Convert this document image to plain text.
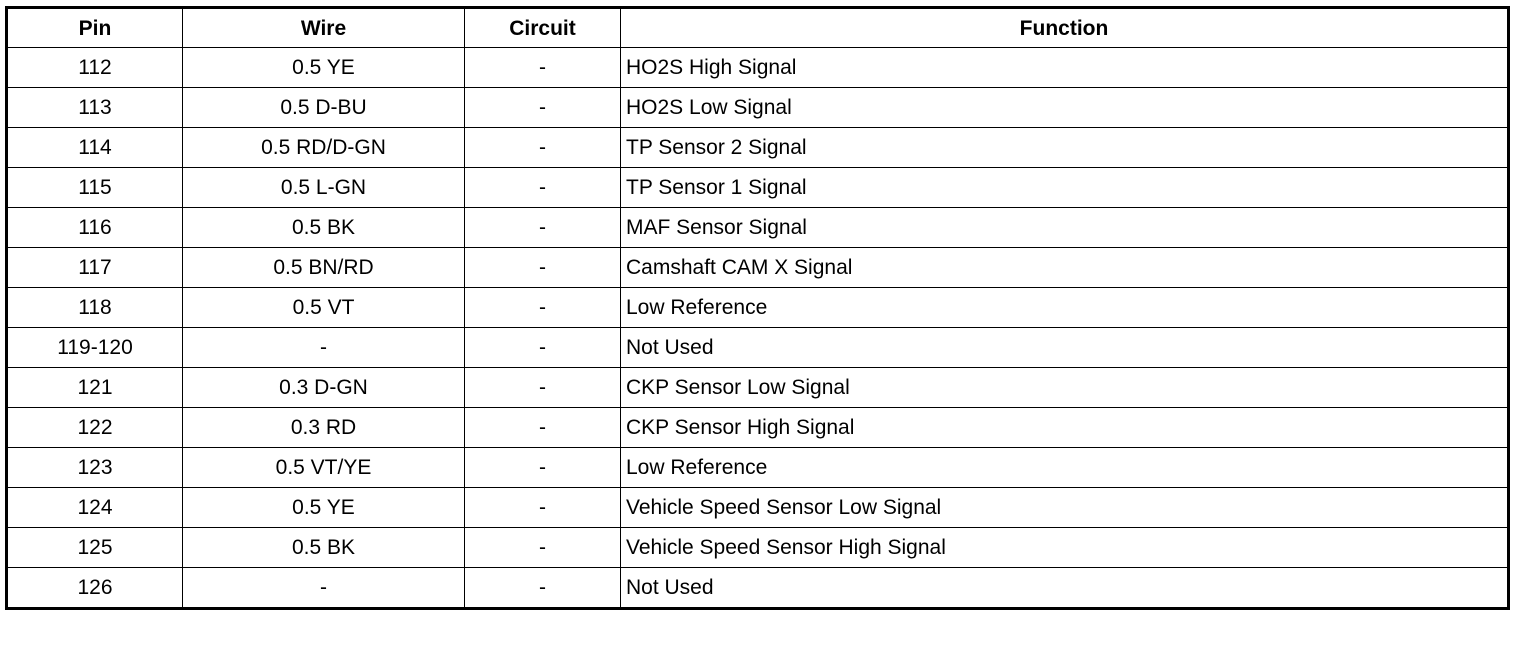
Pin	Wire	Circuit	Function
112	0.5 YE	-	HO2S High Signal
113	0.5 D-BU	-	HO2S Low Signal
114	0.5 RD/D-GN	-	TP Sensor 2 Signal
115	0.5 L-GN	-	TP Sensor 1 Signal
116	0.5 BK	-	MAF Sensor Signal
117	0.5 BN/RD	-	Camshaft CAM X Signal
118	0.5 VT	-	Low Reference
119-120	-	-	Not Used
121	0.3 D-GN	-	CKP Sensor Low Signal
122	0.3 RD	-	CKP Sensor High Signal
123	0.5 VT/YE	-	Low Reference
124	0.5 YE	-	Vehicle Speed Sensor Low Signal
125	0.5 BK	-	Vehicle Speed Sensor High Signal
126	-	-	Not Used
